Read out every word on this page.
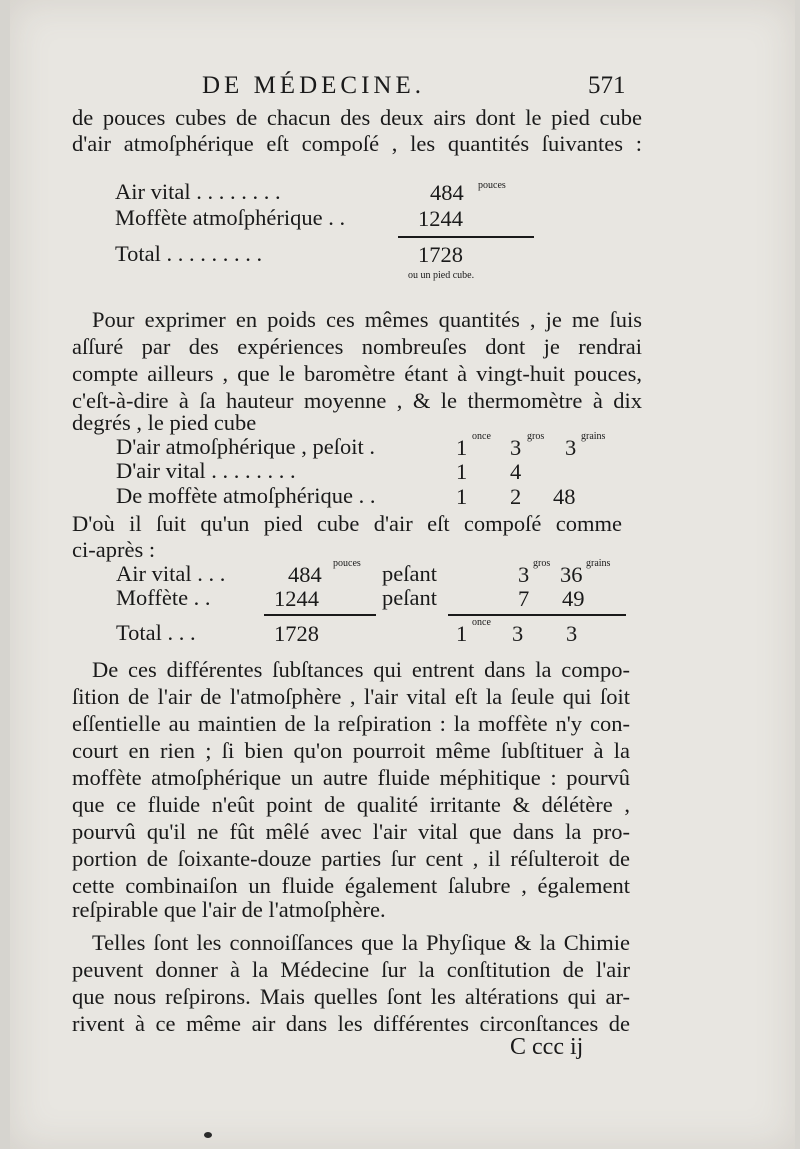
DE MÉDECINE.	571
de pouces cubes de chacun des deux airs dont le pied cube
d'air atmoſphérique eſt compoſé , les quantités ſuivantes :
Air vital . . . . . . . .	484 pouces
Moffète atmoſphérique . .	1244
Total . . . . . . . . .	1728
ou un pied cube.
Pour exprimer en poids ces mêmes quantités , je me ſuis
aſſuré par des expériences nombreuſes dont je rendrai
compte ailleurs , que le baromètre étant à vingt-huit pouces,
c'eſt-à-dire à ſa hauteur moyenne , & le thermomètre à dix
degrés , le pied cube
D'air atmoſphérique , peſoit .	1 once 3 gros 3 grains
D'air vital . . . . . . . .	1 4
De moffète atmoſphérique . .	1 2 48
D'où il ſuit qu'un pied cube d'air eſt compoſé comme
ci-après :
Air vital . . .	484 pouces peſant	3 gros 36 grains
Moffète . .	1244	peſant	7 49
Total . . .	1728	1 once 3 3
De ces différentes ſubſtances qui entrent dans la compo-
ſition de l'air de l'atmoſphère , l'air vital eſt la ſeule qui ſoit
eſſentielle au maintien de la reſpiration : la moffète n'y con-
court en rien ; ſi bien qu'on pourroit même ſubſtituer à la
moffète atmoſphérique un autre fluide méphitique : pourvû
que ce fluide n'eût point de qualité irritante & délétère ,
pourvû qu'il ne fût mêlé avec l'air vital que dans la pro-
portion de ſoixante-douze parties ſur cent , il réſulteroit de
cette combinaiſon un fluide également ſalubre , également
reſpirable que l'air de l'atmoſphère.
Telles ſont les connoiſſances que la Phyſique & la Chimie
peuvent donner à la Médecine ſur la conſtitution de l'air
que nous reſpirons. Mais quelles ſont les altérations qui ar-
rivent à ce même air dans les différentes circonſtances de
C ccc ij
